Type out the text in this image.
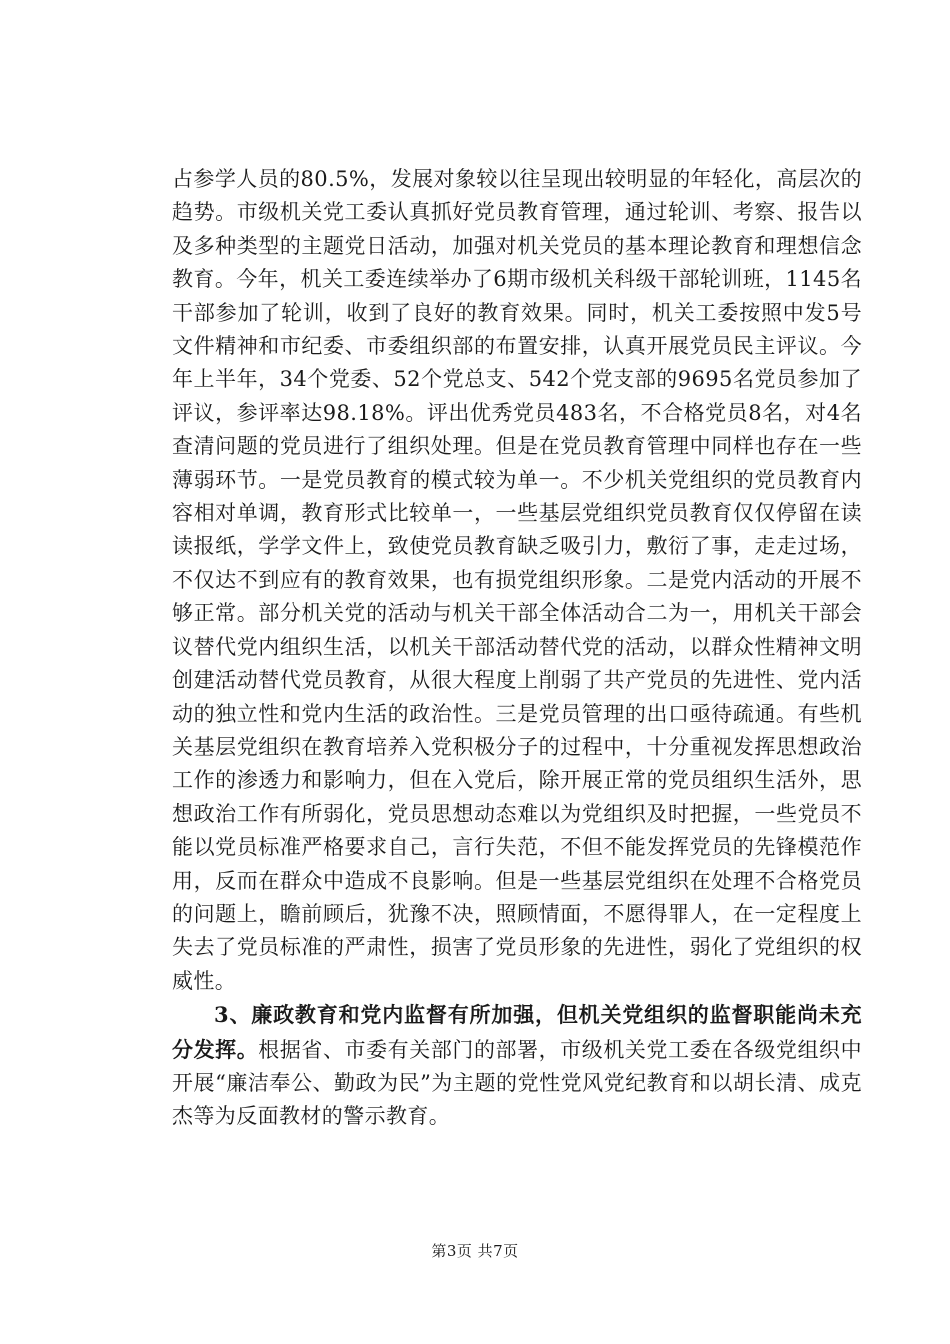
占参学人员的80.5%，发展对象较以往呈现出较明显的年轻化，高层次的趋势。市级机关党工委认真抓好党员教育管理，通过轮训、考察、报告以及多种类型的主题党日活动，加强对机关党员的基本理论教育和理想信念教育。今年，机关工委连续举办了6期市级机关科级干部轮训班，1145名干部参加了轮训，收到了良好的教育效果。同时，机关工委按照中发5号文件精神和市纪委、市委组织部的布置安排，认真开展党员民主评议。今年上半年，34个党委、52个党总支、542个党支部的9695名党员参加了评议，参评率达98.18%。评出优秀党员483名，不合格党员8名，对4名查清问题的党员进行了组织处理。但是在党员教育管理中同样也存在一些薄弱环节。一是党员教育的模式较为单一。不少机关党组织的党员教育内容相对单调，教育形式比较单一，一些基层党组织党员教育仅仅停留在读读报纸，学学文件上，致使党员教育缺乏吸引力，敷衍了事，走走过场，不仅达不到应有的教育效果，也有损党组织形象。二是党内活动的开展不够正常。部分机关党的活动与机关干部全体活动合二为一，用机关干部会议替代党内组织生活，以机关干部活动替代党的活动，以群众性精神文明创建活动替代党员教育，从很大程度上削弱了共产党员的先进性、党内活动的独立性和党内生活的政治性。三是党员管理的出口亟待疏通。有些机关基层党组织在教育培养入党积极分子的过程中，十分重视发挥思想政治工作的渗透力和影响力，但在入党后，除开展正常的党员组织生活外，思想政治工作有所弱化，党员思想动态难以为党组织及时把握，一些党员不能以党员标准严格要求自己，言行失范，不但不能发挥党员的先锋模范作用，反而在群众中造成不良影响。但是一些基层党组织在处理不合格党员的问题上，瞻前顾后，犹豫不决，照顾情面，不愿得罪人，在一定程度上失去了党员标准的严肃性，损害了党员形象的先进性，弱化了党组织的权威性。

3、廉政教育和党内监督有所加强，但机关党组织的监督职能尚未充分发挥。根据省、市委有关部门的部署，市级机关党工委在各级党组织中开展“廉洁奉公、勤政为民”为主题的党性党风党纪教育和以胡长清、成克杰等为反面教材的警示教育。

第3页 共7页
